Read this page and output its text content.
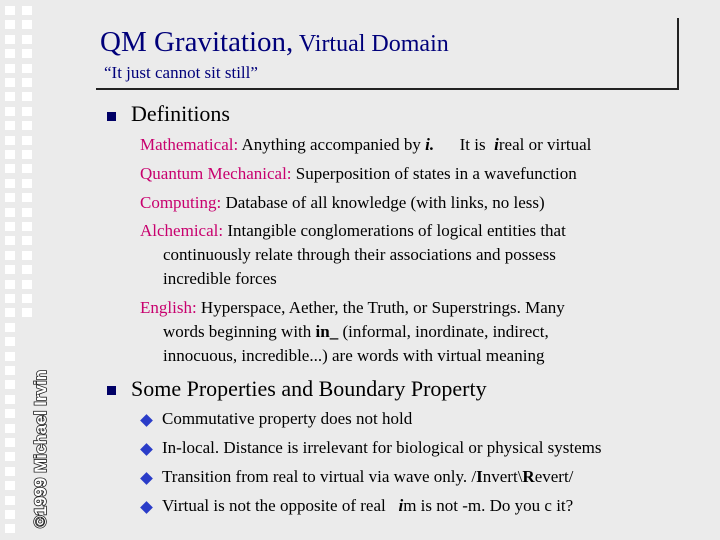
©1999 Michael Irvin
QM Gravitation, Virtual Domain
“It just cannot sit still”
Definitions
Mathematical: Anything accompanied by i.      It is  ireal or virtual
Quantum Mechanical: Superposition of states in a wavefunction
Computing: Database of all knowledge (with links, no less)
Alchemical: Intangible conglomerations of logical entities that
continuously relate through their associations and possess
incredible forces
English: Hyperspace, Aether, the Truth, or Superstrings. Many
words beginning with in_ (informal, inordinate, indirect,
innocuous, incredible...) are words with virtual meaning
Some Properties and Boundary Property
Commutative property does not hold
In-local. Distance is irrelevant for biological or physical systems
Transition from real to virtual via wave only. /Invert\Revert/
Virtual is not the opposite of real   im is not -m. Do you c it?
